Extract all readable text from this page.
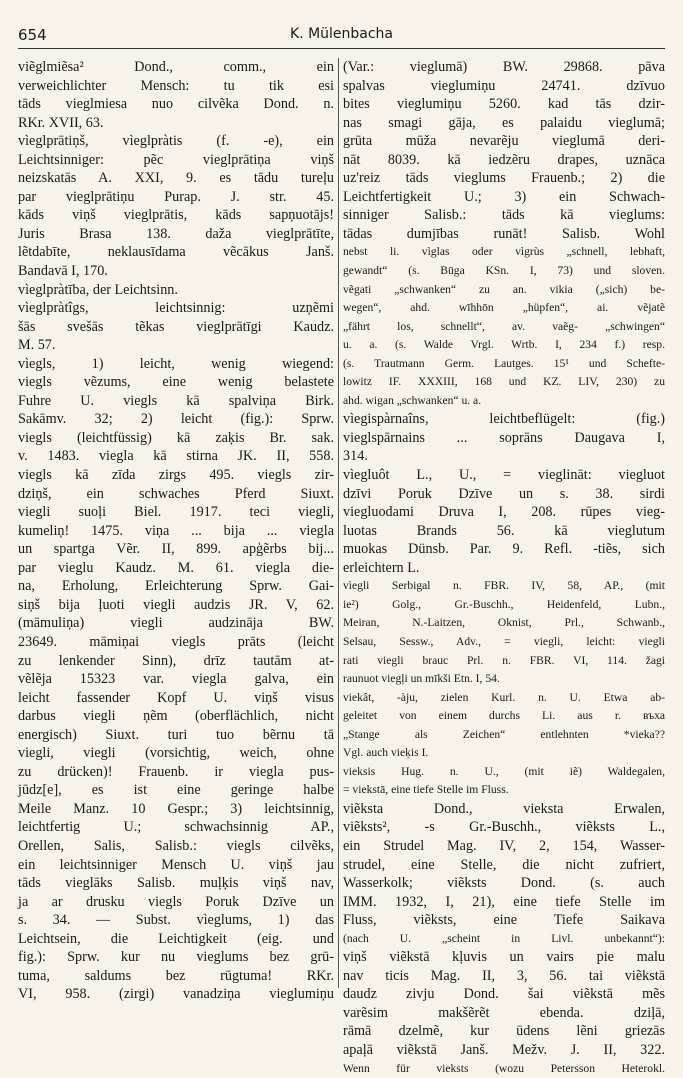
654	K. Mülenbacha
viẽglmiẽsa² Dond., comm., ein
verweichlichter Mensch: tu tik esi
tāds vieglmiesa nuo cilvẽka Dond. n.
RKr. XVII, 63.
vìeglprātiņš, vìeglpràtis (f. -e), ein
Leichtsinniger: pẽc vieglprātiņa viņš
neizskatās A. XXI, 9. es tādu tureļu
par vieglprātiņu Purap. J. str. 45.
kāds viņš vieglprātis, kāds sapņuotājs!
Juris Brasa 138. daža vieglprātīte,
lẽtdabīte, neklausīdama vẽcākus Janš.
Bandavā I, 170.
vìeglpràtība, der Leichtsinn.
vìeglpràtîgs, leichtsinnig: uzņẽmi
šās svešās tẽkas vieglprātīgi Kaudz.
M. 57.
vìegls, 1) leicht, wenig wiegend:
viegls vẽzums, eine wenig belastete
Fuhre U. viegls kā spalviņa Birk.
Sakāmv. 32; 2) leicht (fig.): Sprw.
viegls (leichtfüssig) kā zaķis Br. sak.
v. 1483. viegla kā stirna JK. II, 558.
viegls kā zīda zirgs 495. viegls zir-
dziņš, ein schwaches Pferd Siuxt.
viegli suoļi Biel. 1917. teci viegli,
kumeliņ! 1475. viņa ... bija ... viegla
un spartga Vẽr. II, 899. apģẽrbs bij...
par vieglu Kaudz. M. 61. viegla die-
na, Erholung, Erleichterung Sprw. Gai-
siņš bija ļuoti viegli audzis JR. V, 62.
(māmuliņa) viegli audzināja BW.
23649. māmiņai viegls prāts (leicht
zu lenkender Sinn), drīz tautām at-
vẽlẽja 15323 var. viegla galva, ein
leicht fassender Kopf U. viņš visus
darbus viegli ņẽm (oberflächlich, nicht
energisch) Siuxt. turi tuo bẽrnu tā
viegli, viegli (vorsichtig, weich, ohne
zu drücken)! Frauenb. ir viegla pus-
jūdz[e], es ist eine geringe halbe
Meile Manz. 10 Gespr.; 3) leichtsinnig,
leichtfertig U.; schwachsinnig AP.,
Orellen, Salis, Salisb.: viegls cilvẽks,
ein leichtsinniger Mensch U. viņš jau
tāds vieglāks Salisb. muļķis viņš nav,
ja ar drusku viegls Poruk Dzīve un
s. 34. — Subst. vìeglums, 1) das
Leichtsein, die Leichtigkeit (eig. und
fig.): Sprw. kur nu vieglums bez grū-
tuma, saldums bez rūgtuma! RKr.
VI, 958. (zirgi) vanadziņa vieglumiņu
(Var.: vieglumā) BW. 29868. pāva
spalvas vieglumiņu 24741. dzīvuo
bites vieglumiņu 5260. kad tās dzir-
nas smagi gāja, es palaidu vieglumā;
grūta mūža nevarẽju vieglumā deri-
nāt 8039. kā iedzẽru drapes, uznāca
uz'reiz tāds vieglums Frauenb.; 2) die
Leichtfertigkeit U.; 3) ein Schwach-
sinniger Salisb.: tāds kā vieglums:
tādas dumjības runāt! Salisb. Wohl
nebst li. vìglas oder vìgrùs „schnell, lebhaft,
gewandt“ (s. Būga KSn. I, 73) und sloven.
vẽgati „schwanken“ zu an. vikia („sich) be-
wegen“, ahd. wīhhōn „hüpfen“, ai. vẽjatẽ
„fährt los, schnellt“, av. vaẽg- „schwingen“
u. a. (s. Walde Vrgl. Wrtb. I, 234 f.) resp.
(s. Trautmann Germ. Lautges. 15¹ und Schefte-
lowitz IF. XXXIII, 168 und KZ. LIV, 230) zu
ahd. wigan „schwanken“ u. a.
vìegispàrnaîns, leichtbeflügelt: (fig.)
vieglspārnains ... soprāns Daugava I,
314.
vìegluôt L., U., = vieglināt: viegluot
dzīvi Poruk Dzīve un s. 38. sirdi
viegluodami Druva I, 208. rūpes vieg-
luotas Brands 56. kā vieglutum
muokas Dünsb. Par. 9. Refl. -tiẽs, sich
erleichtern L.
vìegli Serbigal n. FBR. IV, 58, AP., (mit
ie²) Golg., Gr.-Buschh., Heidenfeld, Lubn.,
Meiran, N.-Laitzen, Oknist, Prl., Schwanb.,
Selsau, Sessw., Adv., = viegli, leicht: viegli
rati viegli brauc Prl. n. FBR. VI, 114. žagi
raunuot viegļi un mīkši Etn. I, 54.
viekât, -àju, zielen Kurl. n. U. Etwa ab-
geleitet von einem durchs Li. aus r. въха
„Stange als Zeichen“ entlehnten *vieka??
Vgl. auch vieķis I.
vieksis Hug. n. U., (mit iẽ) Waldegalen,
= viekstā, eine tiefe Stelle im Fluss.
viẽksta Dond., vieksta Erwalen,
viẽksts², -s Gr.-Buschh., viẽksts L.,
ein Strudel Mag. IV, 2, 154, Wasser-
strudel, eine Stelle, die nicht zufriert,
Wasserkolk; viẽksts Dond. (s. auch
IMM. 1932, I, 21), eine tiefe Stelle im
Fluss, viẽksts, eine Tiefe Saikava
(nach U. „scheint in Livl. unbekannt“):
viņš viẽkstā kļuvis un vairs pie malu
nav ticis Mag. II, 3, 56. tai viẽkstā
daudz zivju Dond. šai viẽkstā mẽs
varẽsim makšẽrẽt ebenda. dziļā,
rāmā dzelmẽ, kur ūdens lẽni griezās
apaļā viẽkstā Janš. Mežv. J. II, 322.
Wenn für vieksts (wozu Petersson Heterokl.
